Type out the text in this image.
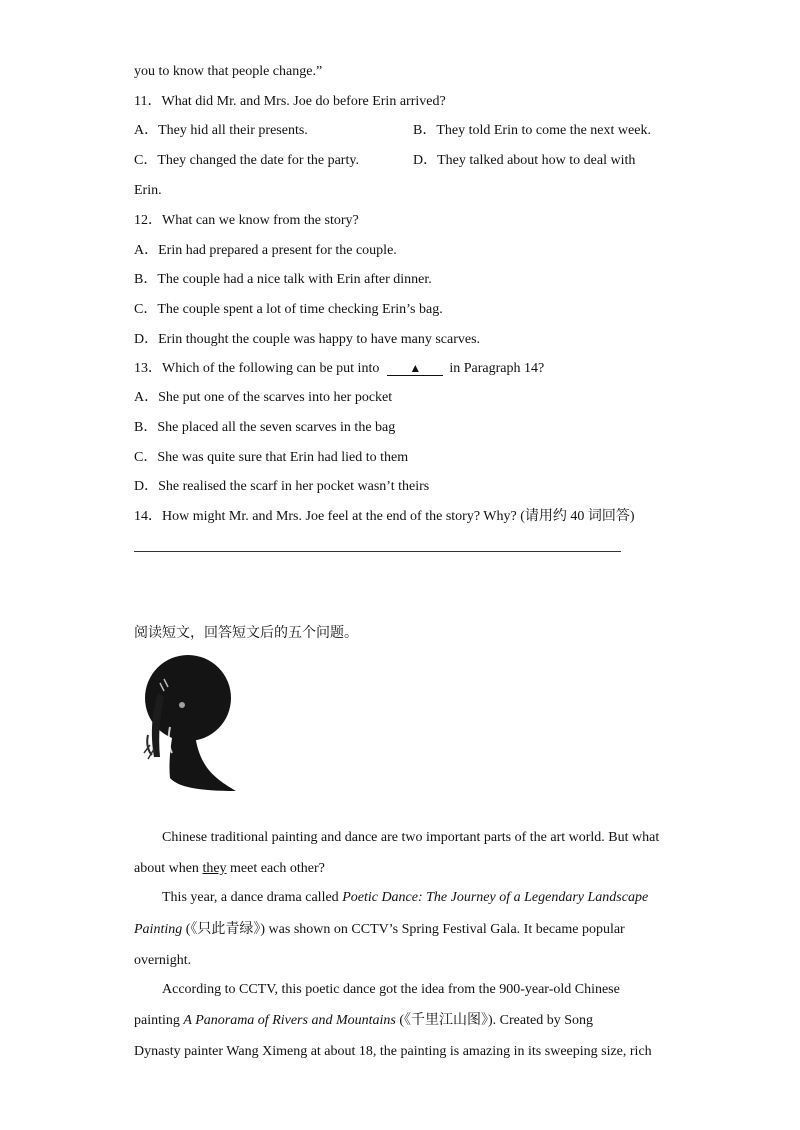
you to know that people change.”
11．What did Mr. and Mrs. Joe do before Erin arrived?
A．They hid all their presents.	B．They told Erin to come the next week.
C．They changed the date for the party.	D．They talked about how to deal with
Erin.
12．What can we know from the story?
A．Erin had prepared a present for the couple.
B．The couple had a nice talk with Erin after dinner.
C．The couple spent a lot of time checking Erin’s bag.
D．Erin thought the couple was happy to have many scarves.
13．Which of the following can be put into	▲ in Paragraph 14?
A．She put one of the scarves into her pocket
B．She placed all the seven scarves in the bag
C．She was quite sure that Erin had lied to them
D．She realised the scarf in her pocket wasn’t theirs
14．How might Mr. and Mrs. Joe feel at the end of the story? Why? (请用约 40 词回答)
阅读短文，回答短文后的五个问题。
Chinese traditional painting and dance are two important parts of the art world. But what
about when they meet each other?
This year, a dance drama called Poetic Dance: The Journey of a Legendary Landscape
Painting (《只此青绿》) was shown on CCTV’s Spring Festival Gala. It became popular
overnight.
According to CCTV, this poetic dance got the idea from the 900-year-old Chinese
painting A Panorama of Rivers and Mountains (《千里江山图》). Created by Song
Dynasty painter Wang Ximeng at about 18, the painting is amazing in its sweeping size, rich
